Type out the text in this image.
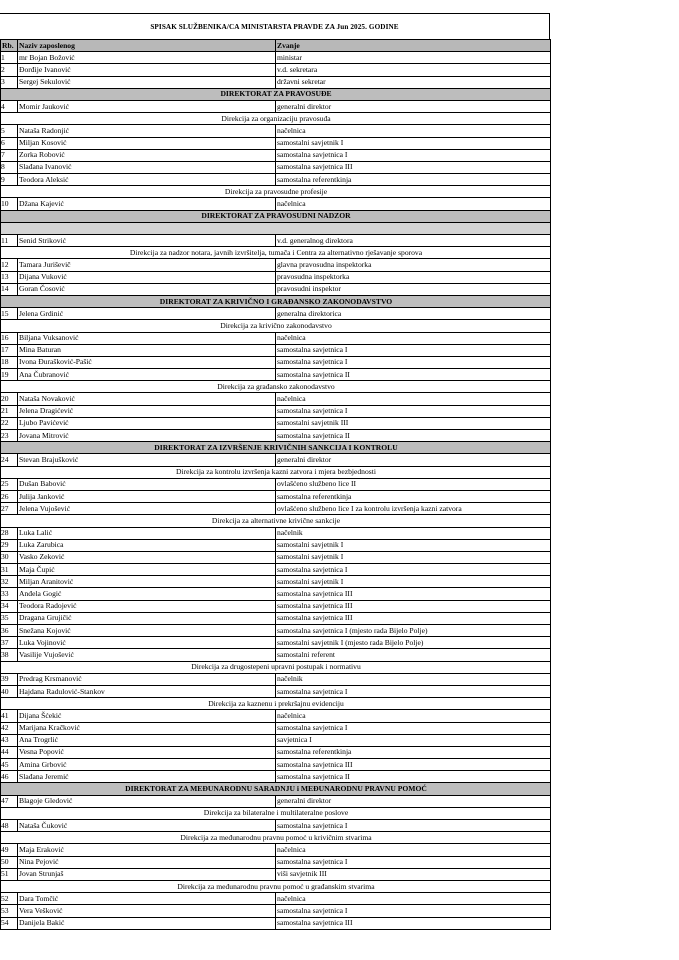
SPISAK SLUŽBENIKA/CA MINISTARSTA PRAVDE ZA Jun 2025. GODINE
Rb.	Naziv zaposlenog	Zvanje
1	mr Bojan Božović	ministar
2	Đorđije Ivanović	v.d. sekretara
3	Sergej Sekulović	državni sekretar
DIREKTORAT ZA PRAVOSUĐE		
4	Momir Jauković	generalni direktor
Direkcija za organizaciju pravosuđa		
5	Nataša Radonjić	načelnica
6	Miljan Kosović	samostalni savjetnik I
7	Zorka Robović	samostalna savjetnica I
8	Slađana Ivanović	samostalna savjetnica III
9	Teodora Aleksić	samostalna referentkinja
Direkcija za pravosudne profesije		
10	Džana Kajević	načelnica
DIREKTORAT ZA PRAVOSUDNI NADZOR		

11	Senid Striković	v.d. generalnog direktora
Direkcija za nadzor notara, javnih izvršitelja, tumača i Centra za alternativno rješavanje sporova		
12	Tamara Juriševič	glavna pravosudna inspektorka
13	Dijana Vuković	pravosudna inspektorka
14	Goran Čosović	pravosudni inspektor
DIREKTORAT ZA KRIVIČNO I GRAĐANSKO ZAKONODAVSTVO		
15	Jelena Grdinić	generalna direktorica
Direkcija za krivično zakonodavstvo		
16	Biljana Vuksanović	načelnica
17	Mina Baturan	samostalna savjetnica I
18	Ivona Đurašković-Pašić	samostalna savjetnica I
19	Ana Čubranović	samostalna savjetnica II
Direkcija za građansko zakonodavstvo		
20	Nataša Novaković	načelnica
21	Jelena Dragićević	samostalna savjetnica I
22	Ljubo Pavićević	samostalni savjetnik III
23	Jovana Mitrović	samostalna savjetnica II
DIREKTORAT ZA IZVRŠENJE KRIVIČNIH SANKCIJA I KONTROLU		
24	Stevan Brajušković	generalni direktor
Direkcija za kontrolu izvršenja kazni zatvora i mjera bezbjednosti		
25	Dušan Babović	ovlašćeno službeno lice II
26	Julija Janković	samostalna referentkinja
27	Jelena Vujošević	ovlašćeno službeno lice I za kontrolu izvršenja kazni zatvora
Direkcija za alternativne krivične sankcije		
28	Luka Lalić	načelnik
29	Luka Zarubica	samostalni savjetnik I
30	Vasko Zeković	samostalni savjetnik I
31	Maja Čupić	samostalna savjetnica I
32	Miljan Aranitović	samostalni savjetnik I
33	Anđela Gogić	samostalna savjetnica III
34	Teodora Radojević	samostalna savjetnica III
35	Dragana Grujičić	samostalna savjetnica III
36	Snežana Kojović	samostalna savjetnica I (mjesto rada Bijelo Polje)
37	Luka Vojinović	samostalni savjetnik I (mjesto rada Bijelo Polje)
38	Vasilije Vujošević	samostalni referent
Direkcija za drugostepeni upravni postupak i normativu		
39	Predrag Krsmanović	načelnik
40	Hajdana Radulović-Stankov	samostalna savjetnica I
Direkcija za kaznenu i prekršajnu evidenciju		
41	Dijana Šćekić	načelnica
42	Marijana Kračković	samostalna savjetnica I
43	Ana Trogrlić	savjetnica I
44	Vesna Popović	samostalna referentkinja
45	Amina Grbović	samostalna savjetnica III
46	Slađana Jeremić	samostalna savjetnica II
DIREKTORAT ZA MEĐUNARODNU SARADNJU i MEĐUNARODNU PRAVNU POMOĆ		
47	Blagoje Gledović	generalni direktor
Direkcija za bilateralne i multilateralne poslove		
48	Nataša Čuković	samostalna savjetnica I
Direkcija za međunarodnu pravnu pomoć u krivičnim stvarima		
49	Maja Eraković	načelnica
50	Nina Pejović	samostalna savjetnica I
51	Jovan Strunjaš	viši savjetnik III
Direkcija za međunarodnu pravnu pomoć u građanskim stvarima		
52	Dara Tomčić	načelnica
53	Vera Vešković	samostalna savjetnica I
54	Danijela Bakić	samostalna savjetnica III
